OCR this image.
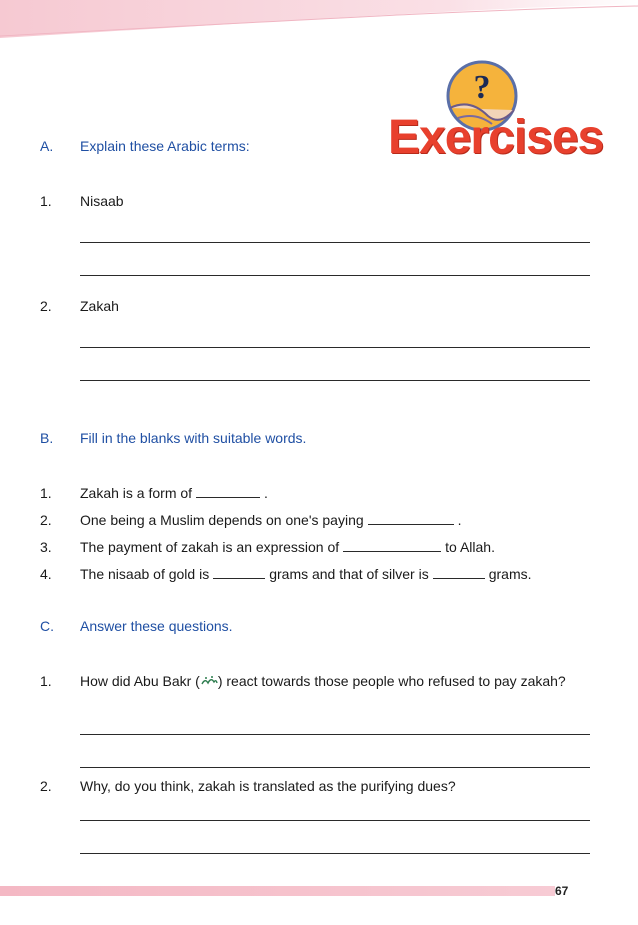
?
Exercises
A. Explain these Arabic terms:
1. Nisaab
2. Zakah
B. Fill in the blanks with suitable words.
1. Zakah is a form of	.
2. One being a Muslim depends on one's paying	.
3. The payment of zakah is an expression of	to Allah.
4. The nisaab of gold is	grams and that of silver is	grams.
C. Answer these questions.
1. How did Abu Bakr ( ) react towards those people who refused to pay zakah?
2. Why, do you think, zakah is translated as the purifying dues?
67
